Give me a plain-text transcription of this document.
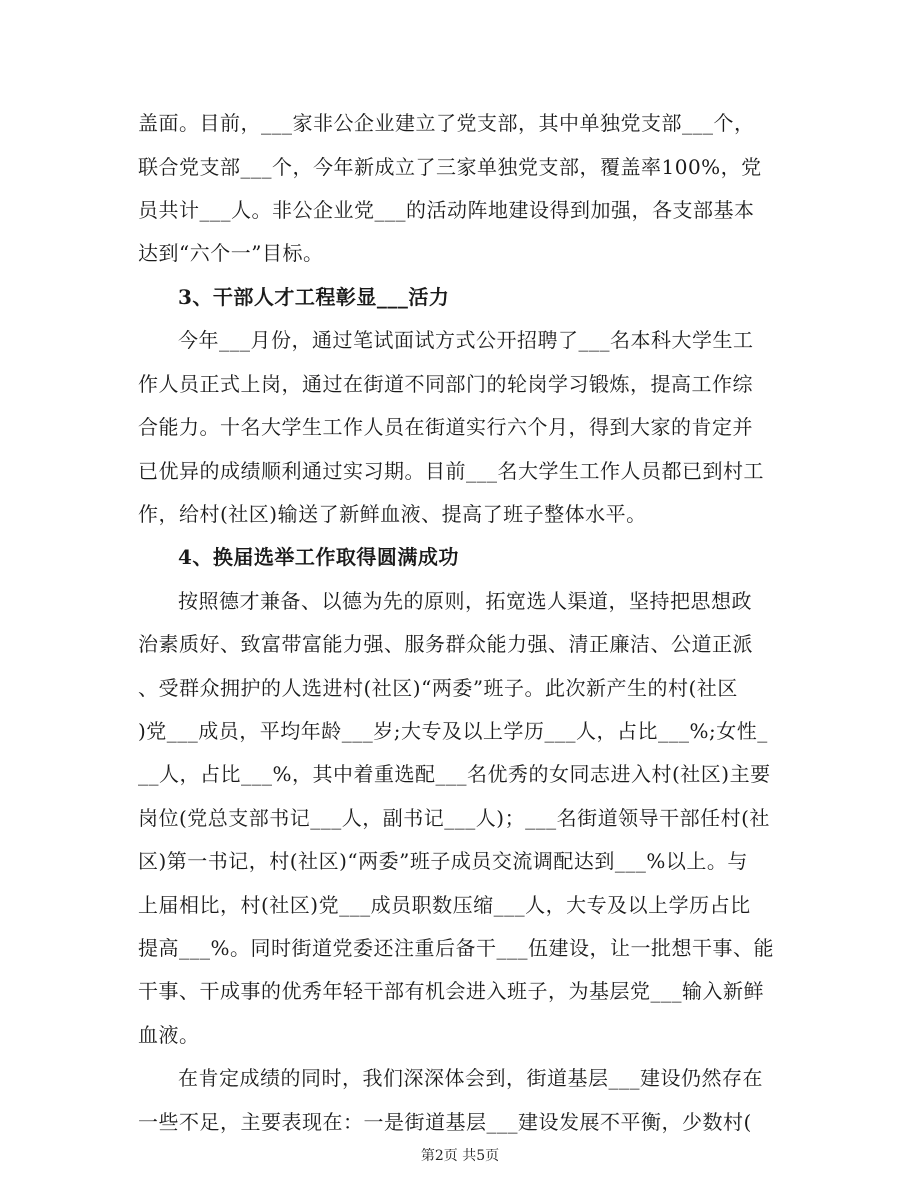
盖面。目前，___家非公企业建立了党支部，其中单独党支部___个，
联合党支部___个，今年新成立了三家单独党支部，覆盖率100%，党
员共计___人。非公企业党___的活动阵地建设得到加强，各支部基本
达到“六个一”目标。
3、干部人才工程彰显___活力
今年___月份，通过笔试面试方式公开招聘了___名本科大学生工
作人员正式上岗，通过在街道不同部门的轮岗学习锻炼，提高工作综
合能力。十名大学生工作人员在街道实行六个月，得到大家的肯定并
已优异的成绩顺利通过实习期。目前___名大学生工作人员都已到村工
作，给村(社区)输送了新鲜血液、提高了班子整体水平。
4、换届选举工作取得圆满成功
按照德才兼备、以德为先的原则，拓宽选人渠道，坚持把思想政
治素质好、致富带富能力强、服务群众能力强、清正廉洁、公道正派
、受群众拥护的人选进村(社区)“两委”班子。此次新产生的村(社区
)党___成员，平均年龄___岁;大专及以上学历___人，占比___%;女性_
__人，占比___%，其中着重选配___名优秀的女同志进入村(社区)主要
岗位(党总支部书记___人，副书记___人)；___名街道领导干部任村(社
区)第一书记，村(社区)“两委”班子成员交流调配达到___%以上。与
上届相比，村(社区)党___成员职数压缩___人，大专及以上学历占比
提高___%。同时街道党委还注重后备干___伍建设，让一批想干事、能
干事、干成事的优秀年轻干部有机会进入班子，为基层党___输入新鲜
血液。
在肯定成绩的同时，我们深深体会到，街道基层___建设仍然存在
一些不足，主要表现在：一是街道基层___建设发展不平衡，少数村(
第2页 共5页
